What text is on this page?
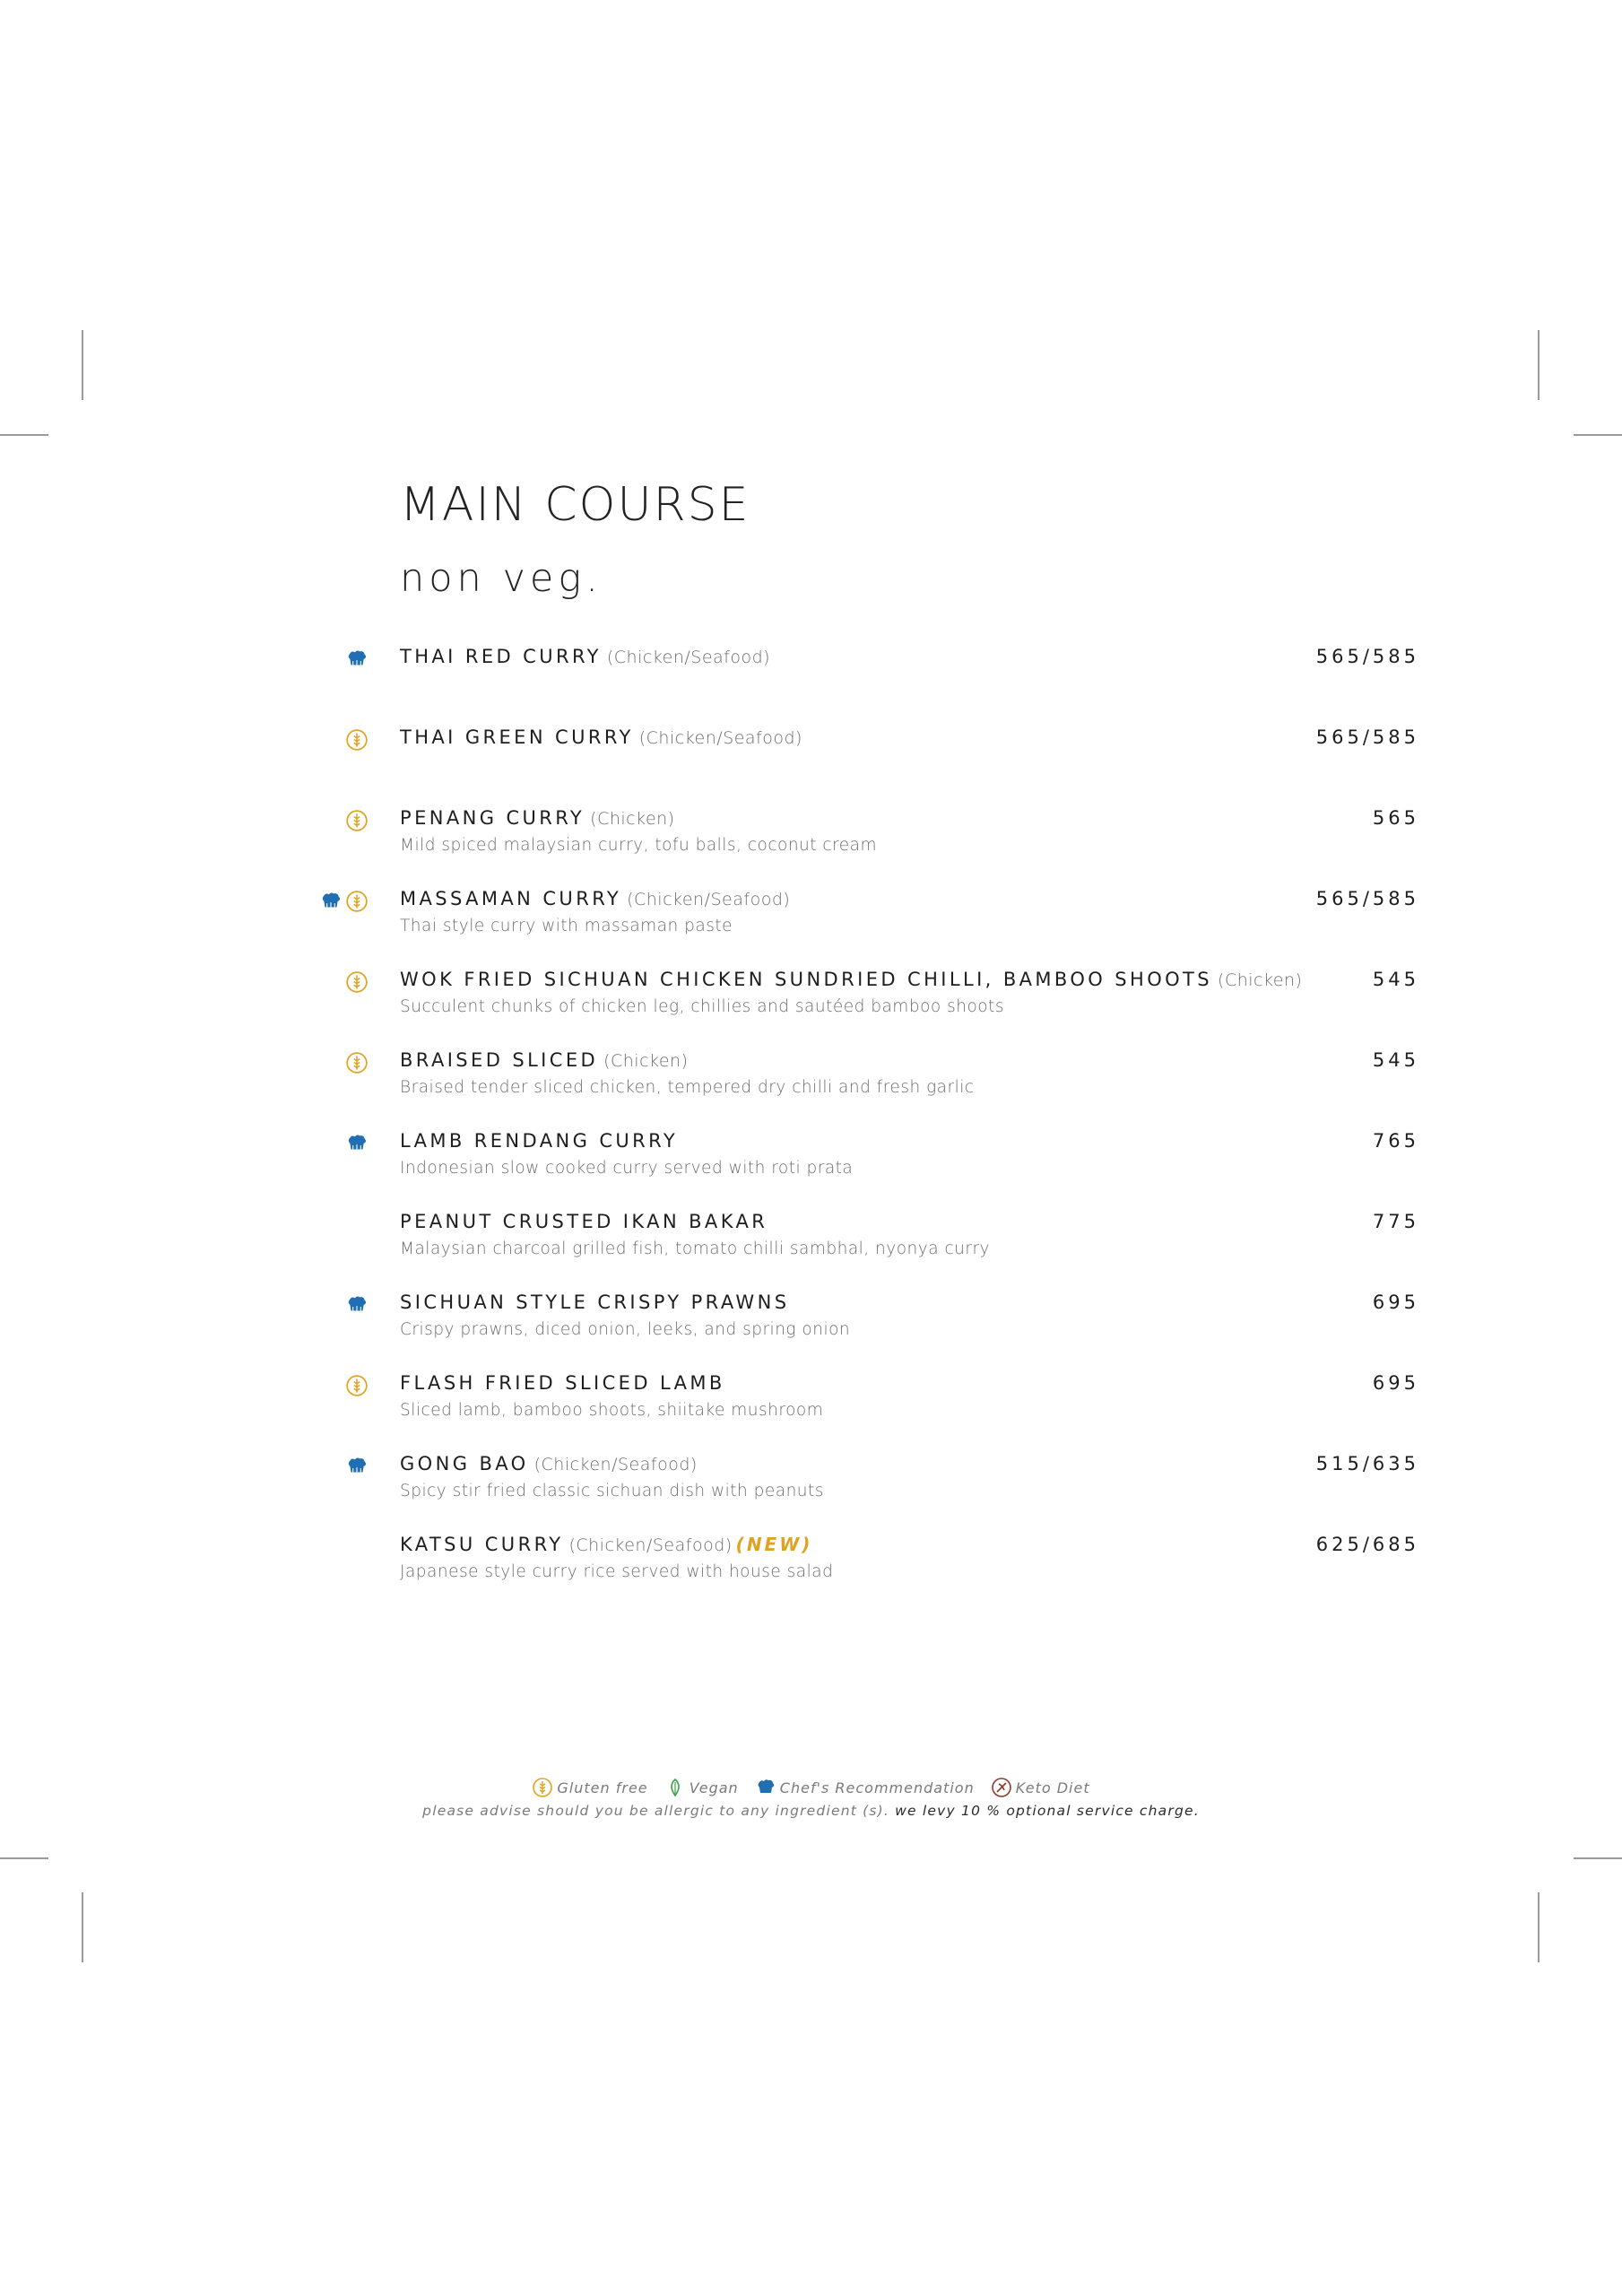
MAIN COURSE
non veg.
THAI RED CURRY (Chicken/Seafood)	565/585
THAI GREEN CURRY (Chicken/Seafood)	565/585
PENANG CURRY (Chicken)
Mild spiced malaysian curry, tofu balls, coconut cream
565
MASSAMAN CURRY (Chicken/Seafood)
Thai style curry with massaman paste
565/585
WOK FRIED SICHUAN CHICKEN SUNDRIED CHILLI, BAMBOO SHOOTS (Chicken)
Succulent chunks of chicken leg, chillies and sautéed bamboo shoots
545
BRAISED SLICED (Chicken)
Braised tender sliced chicken, tempered dry chilli and fresh garlic
545
LAMB RENDANG CURRY
Indonesian slow cooked curry served with roti prata
765
PEANUT CRUSTED IKAN BAKAR
Malaysian charcoal grilled fish, tomato chilli sambhal, nyonya curry
775
SICHUAN STYLE CRISPY PRAWNS
Crispy prawns, diced onion, leeks, and spring onion
695
FLASH FRIED SLICED LAMB
Sliced lamb, bamboo shoots, shiitake mushroom
695
GONG BAO (Chicken/Seafood)
Spicy stir fried classic sichuan dish with peanuts
515/635
KATSU CURRY (Chicken/Seafood) (NEW)
Japanese style curry rice served with house salad
625/685
Gluten free
	Vegan
	Chef's Recommendation
	Keto Diet
please advise should you be allergic to any ingredient (s). we levy 10 % optional service charge.
